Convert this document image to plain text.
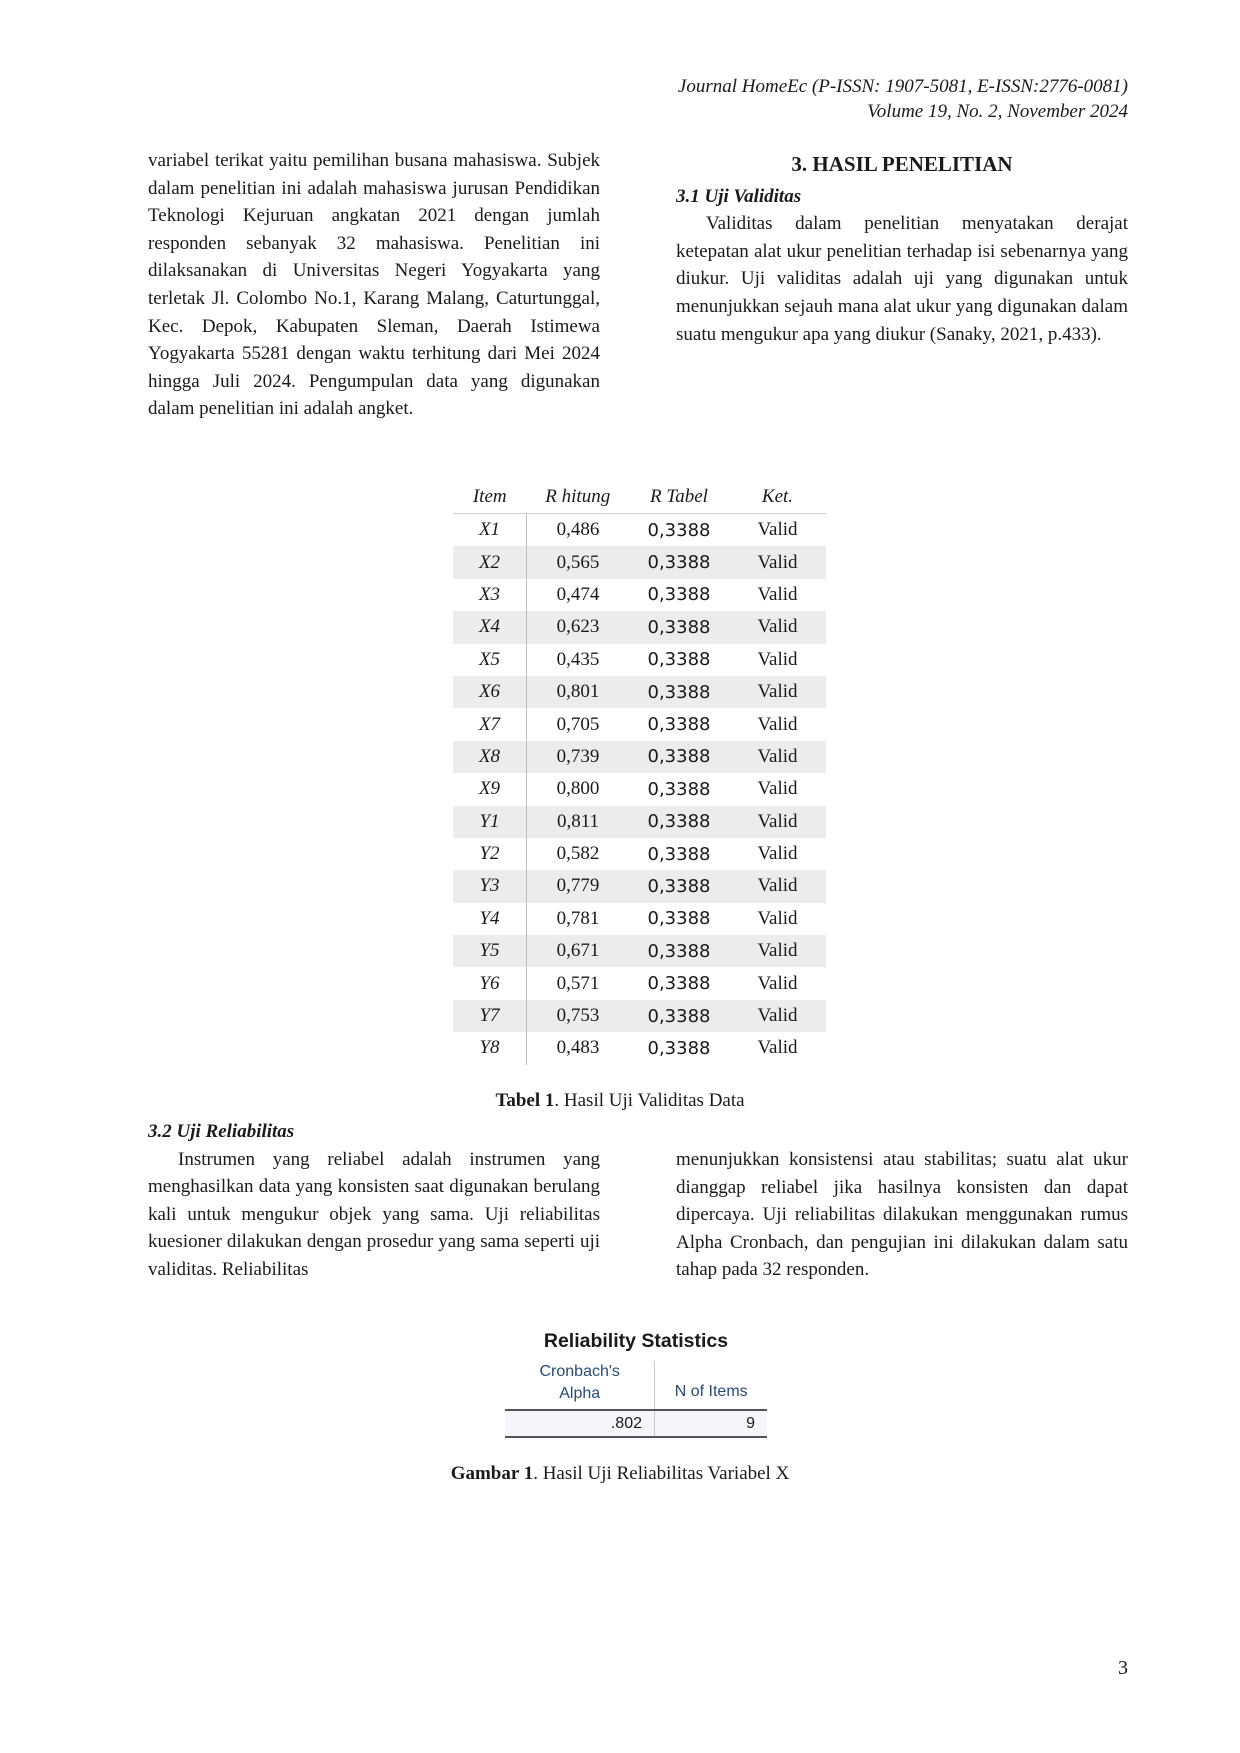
Journal HomeEc (P-ISSN: 1907-5081, E-ISSN:2776-0081)
Volume 19, No. 2, November 2024

variabel terikat yaitu pemilihan busana mahasiswa. Subjek dalam penelitian ini adalah mahasiswa jurusan Pendidikan Teknologi Kejuruan angkatan 2021 dengan jumlah responden sebanyak 32 mahasiswa. Penelitian ini dilaksanakan di Universitas Negeri Yogyakarta yang terletak Jl. Colombo No.1, Karang Malang, Caturtunggal, Kec. Depok, Kabupaten Sleman, Daerah Istimewa Yogyakarta 55281 dengan waktu terhitung dari Mei 2024 hingga Juli 2024. Pengumpulan data yang digunakan dalam penelitian ini adalah angket.

3. HASIL PENELITIAN

3.1 Uji Validitas

Validitas dalam penelitian menyatakan derajat ketepatan alat ukur penelitian terhadap isi sebenarnya yang diukur. Uji validitas adalah uji yang digunakan untuk menunjukkan sejauh mana alat ukur yang digunakan dalam suatu mengukur apa yang diukur (Sanaky, 2021, p.433).

Item	R hitung	R Tabel	Ket.
X1	0,486	0,3388	Valid
X2	0,565	0,3388	Valid
X3	0,474	0,3388	Valid
X4	0,623	0,3388	Valid
X5	0,435	0,3388	Valid
X6	0,801	0,3388	Valid
X7	0,705	0,3388	Valid
X8	0,739	0,3388	Valid
X9	0,800	0,3388	Valid
Y1	0,811	0,3388	Valid
Y2	0,582	0,3388	Valid
Y3	0,779	0,3388	Valid
Y4	0,781	0,3388	Valid
Y5	0,671	0,3388	Valid
Y6	0,571	0,3388	Valid
Y7	0,753	0,3388	Valid
Y8	0,483	0,3388	Valid
Tabel 1. Hasil Uji Validitas Data

3.2 Uji Reliabilitas

Instrumen yang reliabel adalah instrumen yang menghasilkan data yang konsisten saat digunakan berulang kali untuk mengukur objek yang sama. Uji reliabilitas kuesioner dilakukan dengan prosedur yang sama seperti uji validitas. Reliabilitas

menunjukkan konsistensi atau stabilitas; suatu alat ukur dianggap reliabel jika hasilnya konsisten dan dapat dipercaya. Uji reliabilitas dilakukan menggunakan rumus Alpha Cronbach, dan pengujian ini dilakukan dalam satu tahap pada 32 responden.

Reliability Statistics
Cronbach's
Alpha	N of Items
.802	9
Gambar 1. Hasil Uji Reliabilitas Variabel X
3
